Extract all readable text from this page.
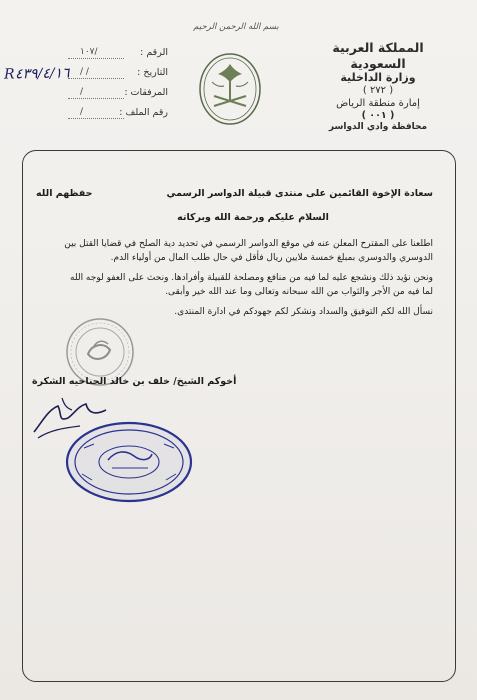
بسم الله الرحمن الرحيم
المملكة العربية السعودية
وزارة الداخلية
( ٢٧٢ )
إمارة منطقة الرياض
( ٠٠١ )
محافظة وادي الدواسر
الرقم :
١٠٧/
التاريخ :
/ /
المرفقات :
/
رقم الملف :
/
R٤٣٩/٤/١٦
سعادة الإخوة القائمين على منتدى قبيلة الدواسر الرسمي
حفظهم الله
السلام عليكم ورحمة الله وبركاته
اطلعنا على المقترح المعلن عنه في موقع الدواسر الرسمي في تحديد دية الصلح في قضايا القتل بين الدوسري والدوسري بمبلغ خمسة ملايين ريال فأقل في حال طلب المال من أولياء الدم.
ونحن نؤيد ذلك ونشجع عليه لما فيه من منافع ومصلحة للقبيلة وأفرادها. ونحث على العفو لوجه الله لما فيه من الأجر والثواب من الله سبحانه وتعالى وما عند الله خير وأبقى.
نسأل الله لكم التوفيق والسداد ونشكر لكم جهودكم في ادارة المنتدى.
أخوكم الشيخ/ خلف بن خالد الحناحيه الشكرة
